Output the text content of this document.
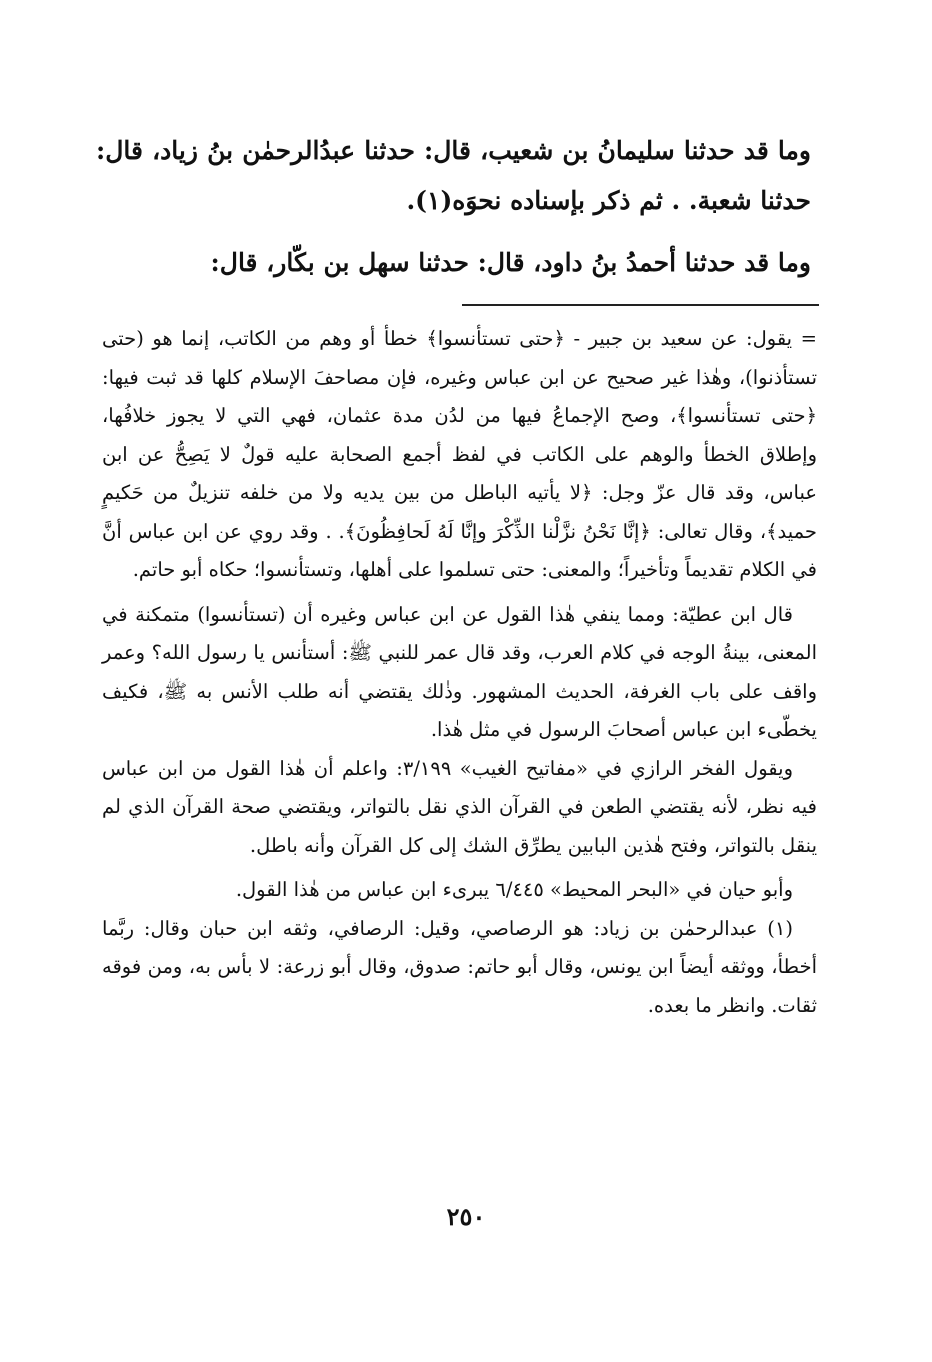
وما قد حدثنا سليمانُ بن شعيب، قال: حدثنا عبدُالرحمٰن بنُ زياد، قال: حدثنا شعبة. . ثم ذكر بإسناده نحوَه(١).

وما قد حدثنا أحمدُ بنُ داود، قال: حدثنا سهل بن بكّار، قال:

= يقول: عن سعيد بن جبير - ﴿حتى تستأنسوا﴾ خطأ أو وهم من الكاتب، إنما هو (حتى تستأذنوا)، وهٰذا غير صحيح عن ابن عباس وغيره، فإن مصاحفَ الإسلام كلها قد ثبت فيها: ﴿حتى تستأنسوا﴾، وصح الإجماعُ فيها من لدُن مدة عثمان، فهي التي لا يجوز خلافُها، وإطلاق الخطأ والوهم على الكاتب في لفظ أجمع الصحابة عليه قولٌ لا يَصِحُّ عن ابن عباس، وقد قال عزّ وجل: ﴿لا يأتيه الباطل من بين يديه ولا من خلفه تنزيلٌ من حَكيمٍ حميد﴾، وقال تعالى: ﴿إنَّا نَحْنُ نزَّلْنا الذِّكْرَ وإنَّا لَهُ لَحافِظُونَ﴾. . وقد روي عن ابن عباس أنَّ في الكلام تقديماً وتأخيراً؛ والمعنى: حتى تسلموا على أهلها، وتستأنسوا؛ حكاه أبو حاتم.

قال ابن عطيّة: ومما ينفي هٰذا القول عن ابن عباس وغيره أن (تستأنسوا) متمكنة في المعنى، بينةُ الوجه في كلام العرب، وقد قال عمر للنبي ﷺ: أستأنس يا رسول الله؟ وعمر واقف على باب الغرفة، الحديث المشهور. وذٰلك يقتضي أنه طلب الأنس به ﷺ، فكيف يخطّىء ابن عباس أصحابَ الرسول في مثل هٰذا.

ويقول الفخر الرازي في «مفاتيح الغيب» ٣/١٩٩: واعلم أن هٰذا القول من ابن عباس فيه نظر، لأنه يقتضي الطعن في القرآن الذي نقل بالتواتر، ويقتضي صحة القرآن الذي لم ينقل بالتواتر، وفتح هٰذين البابين يطرِّق الشك إلى كل القرآن وأنه باطل.

وأبو حيان في «البحر المحيط» ٦/٤٤٥ يبرىء ابن عباس من هٰذا القول.

(١) عبدالرحمٰن بن زياد: هو الرصاصي، وقيل: الرصافي، وثقه ابن حبان وقال: ربَّما أخطأ، ووثقه أيضاً ابن يونس، وقال أبو حاتم: صدوق، وقال أبو زرعة: لا بأس به، ومن فوقه ثقات. وانظر ما بعده.

٢٥٠
